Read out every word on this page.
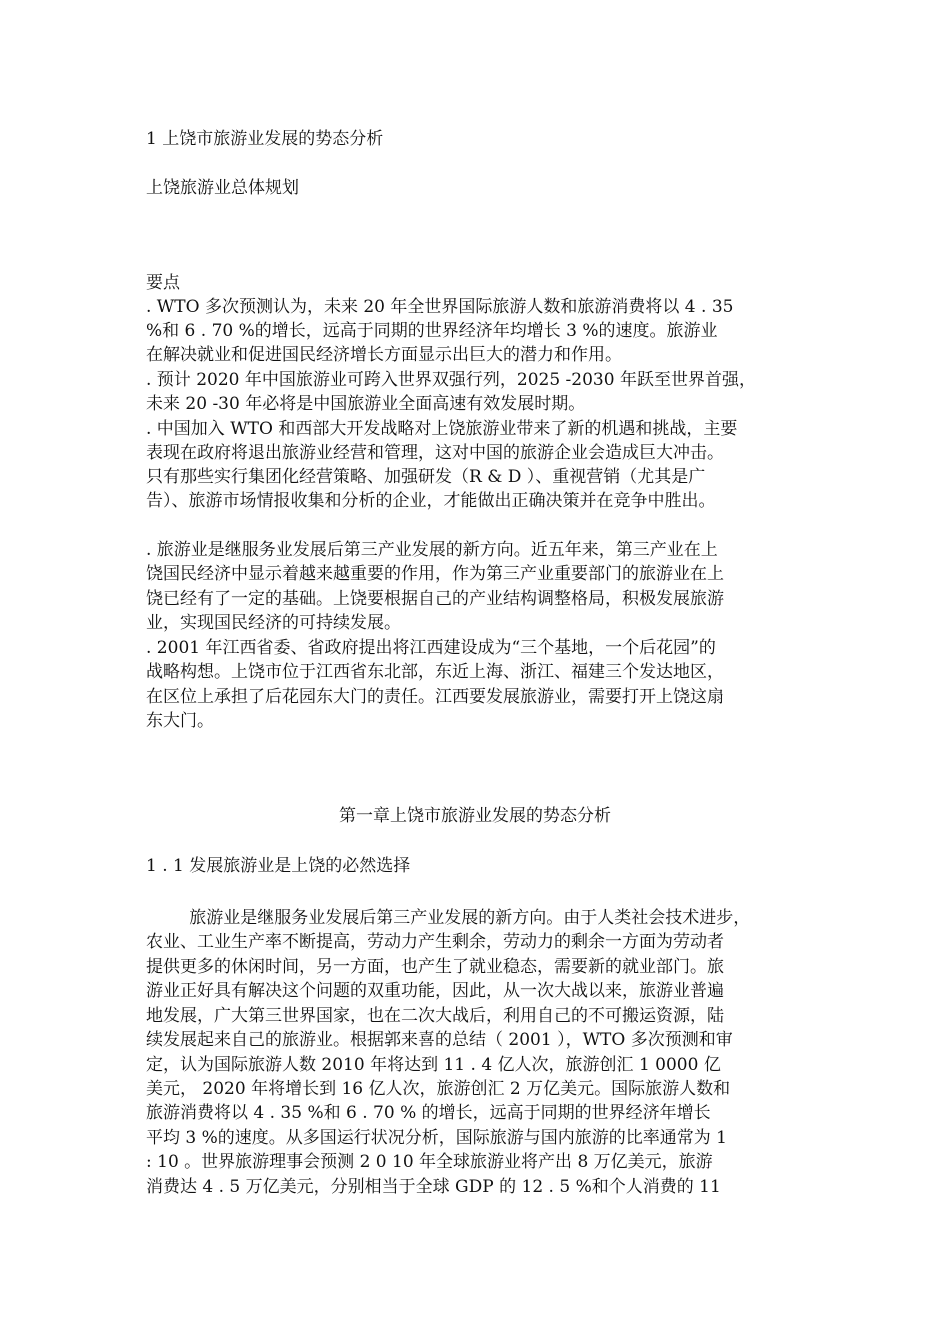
1 上饶市旅游业发展的势态分析
上饶旅游业总体规划
要点
. WTO 多次预测认为，未来 20 年全世界国际旅游人数和旅游消费将以 4 . 35
%和 6 . 70 %的增长，远高于同期的世界经济年均增长 3 %的速度。旅游业
在解决就业和促进国民经济增长方面显示出巨大的潜力和作用。
. 预计 2020 年中国旅游业可跨入世界双强行列，2025 -2030 年跃至世界首强，
未来 20 -30 年必将是中国旅游业全面高速有效发展时期。
. 中国加入 WTO 和西部大开发战略对上饶旅游业带来了新的机遇和挑战，主要
表现在政府将退出旅游业经营和管理，这对中国的旅游企业会造成巨大冲击。
只有那些实行集团化经营策略、加强研发（R & D ）、重视营销（尤其是广
告）、旅游市场情报收集和分析的企业，才能做出正确决策并在竞争中胜出。
. 旅游业是继服务业发展后第三产业发展的新方向。近五年来，第三产业在上
饶国民经济中显示着越来越重要的作用，作为第三产业重要部门的旅游业在上
饶已经有了一定的基础。上饶要根据自己的产业结构调整格局，积极发展旅游
业，实现国民经济的可持续发展。
. 2001 年江西省委、省政府提出将江西建设成为“三个基地，一个后花园”的
战略构想。上饶市位于江西省东北部，东近上海、浙江、福建三个发达地区，
在区位上承担了后花园东大门的责任。江西要发展旅游业，需要打开上饶这扇
东大门。
第一章上饶市旅游业发展的势态分析
1 . 1 发展旅游业是上饶的必然选择
旅游业是继服务业发展后第三产业发展的新方向。由于人类社会技术进步，
农业、工业生产率不断提高，劳动力产生剩余，劳动力的剩余一方面为劳动者
提供更多的休闲时间，另一方面，也产生了就业稳态，需要新的就业部门。旅
游业正好具有解决这个问题的双重功能，因此，从一次大战以来，旅游业普遍
地发展，广大第三世界国家，也在二次大战后，利用自己的不可搬运资源，陆
续发展起来自己的旅游业。根据郭来喜的总结（ 2001 ），WTO 多次预测和审
定，认为国际旅游人数 2010 年将达到 11 . 4 亿人次，旅游创汇 1 0000 亿
美元， 2020 年将增长到 16 亿人次，旅游创汇 2 万亿美元。国际旅游人数和
旅游消费将以 4 . 35 %和 6 . 70 % 的增长，远高于同期的世界经济年增长
平均 3 %的速度。从多国运行状况分析，国际旅游与国内旅游的比率通常为 1
: 10 。世界旅游理事会预测 2 0 10 年全球旅游业将产出 8 万亿美元，旅游
消费达 4 . 5 万亿美元，分别相当于全球 GDP 的 12 . 5 %和个人消费的 11
